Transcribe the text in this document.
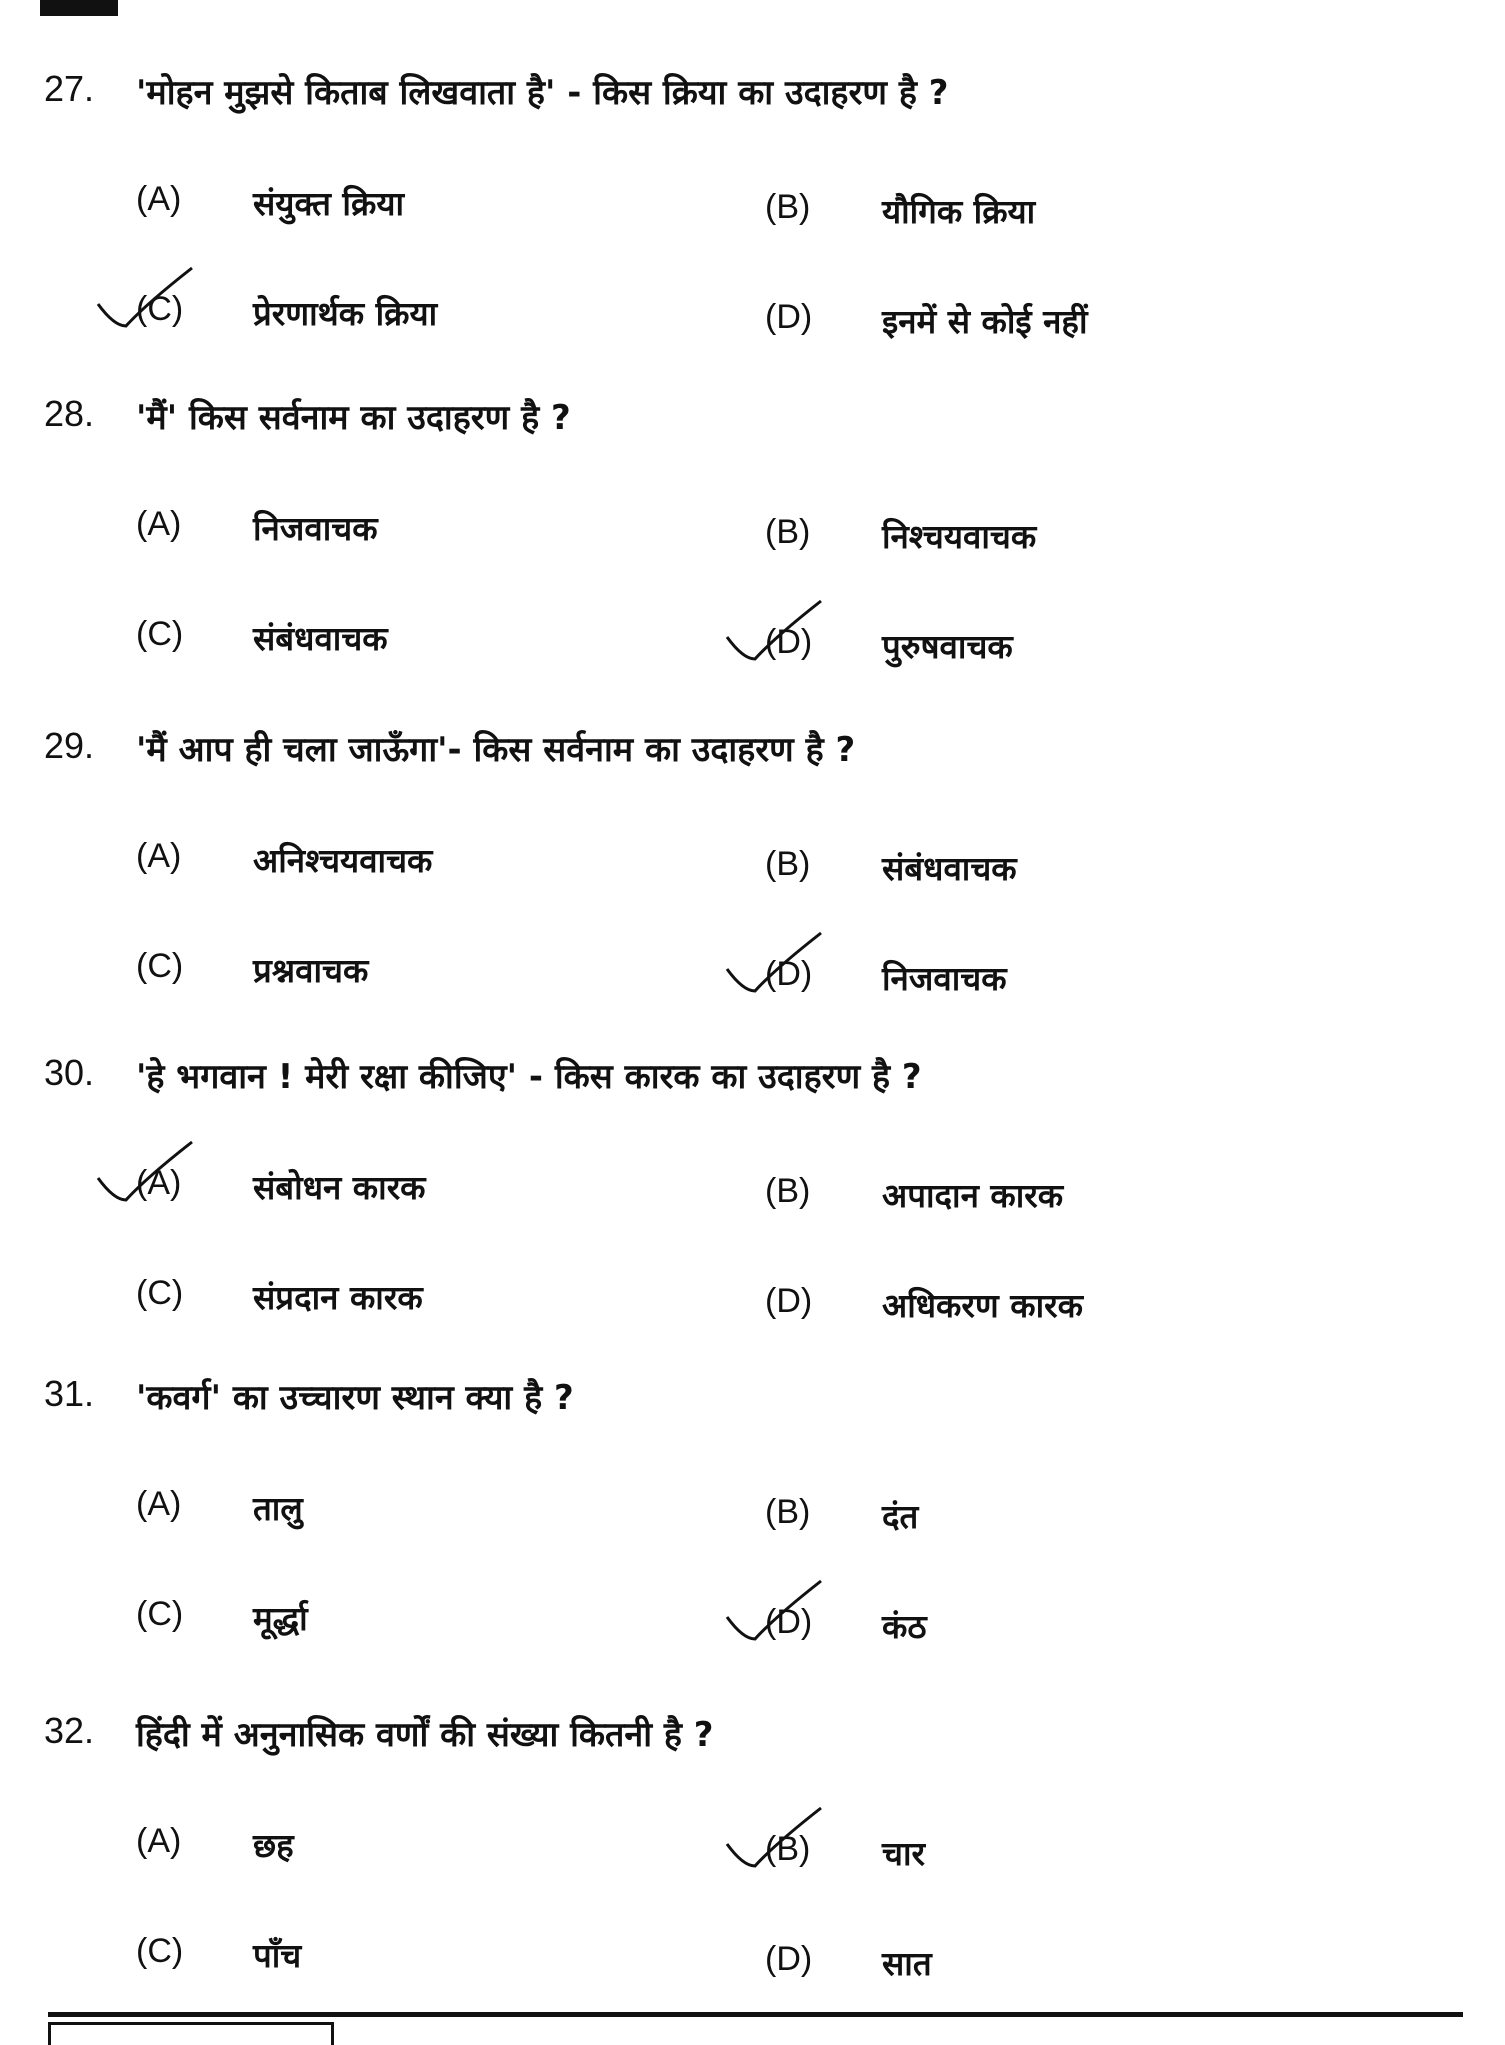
27. 'मोहन मुझसे किताब लिखवाता है' - किस क्रिया का उदाहरण है ?
(A) संयुक्त क्रिया	(B) यौगिक क्रिया
(C) प्रेरणार्थक क्रिया	(D) इनमें से कोई नहीं
28. 'मैं' किस सर्वनाम का उदाहरण है ?
(A) निजवाचक	(B) निश्चयवाचक
(C) संबंधवाचक	(D) पुरुषवाचक
29. 'मैं आप ही चला जाऊँगा'- किस सर्वनाम का उदाहरण है ?
(A) अनिश्चयवाचक	(B) संबंधवाचक
(C) प्रश्नवाचक	(D) निजवाचक
30. 'हे भगवान ! मेरी रक्षा कीजिए' - किस कारक का उदाहरण है ?
(A) संबोधन कारक	(B) अपादान कारक
(C) संप्रदान कारक	(D) अधिकरण कारक
31. 'कवर्ग' का उच्चारण स्थान क्या है ?
(A) तालु	(B) दंत
(C) मूर्द्धा	(D) कंठ
32. हिंदी में अनुनासिक वर्णों की संख्या कितनी है ?
(A) छह	(B) चार
(C) पाँच	(D) सात
